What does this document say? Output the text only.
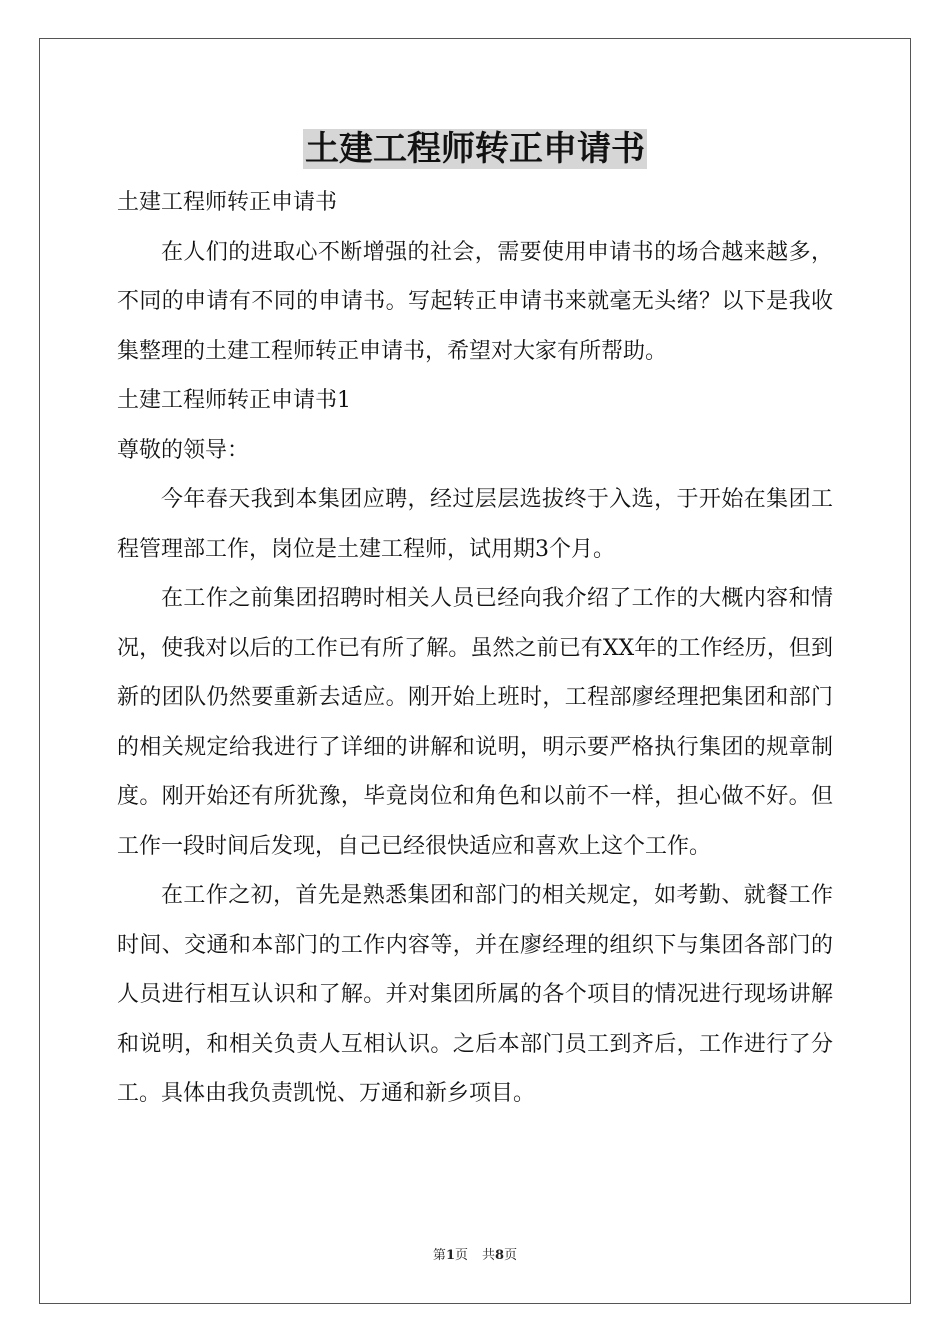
土建工程师转正申请书

土建工程师转正申请书

在人们的进取心不断增强的社会，需要使用申请书的场合越来越多，不同的申请有不同的申请书。写起转正申请书来就毫无头绪？以下是我收集整理的土建工程师转正申请书，希望对大家有所帮助。

土建工程师转正申请书1

尊敬的领导：

今年春天我到本集团应聘，经过层层选拔终于入选，于开始在集团工程管理部工作，岗位是土建工程师，试用期3个月。

在工作之前集团招聘时相关人员已经向我介绍了工作的大概内容和情况，使我对以后的工作已有所了解。虽然之前已有XX年的工作经历，但到新的团队仍然要重新去适应。刚开始上班时，工程部廖经理把集团和部门的相关规定给我进行了详细的讲解和说明，明示要严格执行集团的规章制度。刚开始还有所犹豫，毕竟岗位和角色和以前不一样，担心做不好。但工作一段时间后发现，自己已经很快适应和喜欢上这个工作。

在工作之初，首先是熟悉集团和部门的相关规定，如考勤、就餐工作时间、交通和本部门的工作内容等，并在廖经理的组织下与集团各部门的人员进行相互认识和了解。并对集团所属的各个项目的情况进行现场讲解和说明，和相关负责人互相认识。之后本部门员工到齐后，工作进行了分工。具体由我负责凯悦、万通和新乡项目。

第1页 共8页
